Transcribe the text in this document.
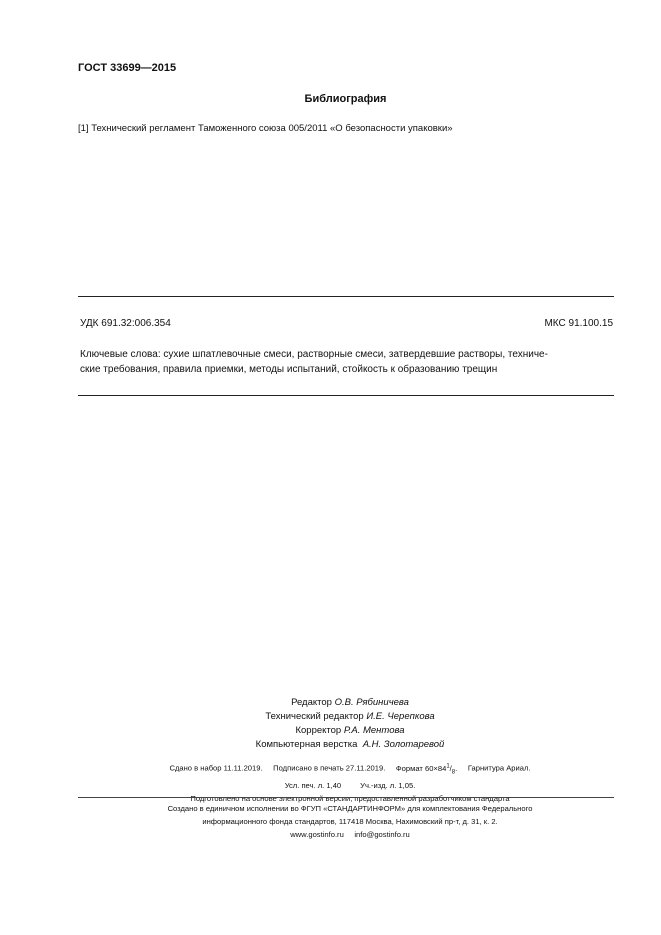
ГОСТ 33699—2015
Библиография
[1] Технический регламент Таможенного союза 005/2011 «О безопасности упаковки»
УДК 691.32:006.354	МКС 91.100.15
Ключевые слова: сухие шпатлевочные смеси, растворные смеси, затвердевшие растворы, техниче-
ские требования, правила приемки, методы испытаний, стойкость к образованию трещин
Редактор О.В. Рябиничева
Технический редактор И.Е. Черепкова
Корректор Р.А. Ментова
Компьютерная верстка А.Н. Золотаревой
Сдано в набор 11.11.2019. Подписано в печать 27.11.2019. Формат $60\times 84^1/_8$. Гарнитура Ариал.
Усл. печ. л. 1,40	Уч.-изд. л. 1,05.
Подготовлено на основе электронной версии, предоставленной разработчиком стандарта
Создано в единичном исполнении во ФГУП «СТАНДАРТИНФОРМ» для комплектования Федерального
информационного фонда стандартов, 117418 Москва, Нахимовский пр-т, д. 31, к. 2.
www.gostinfo.ru info@gostinfo.ru
